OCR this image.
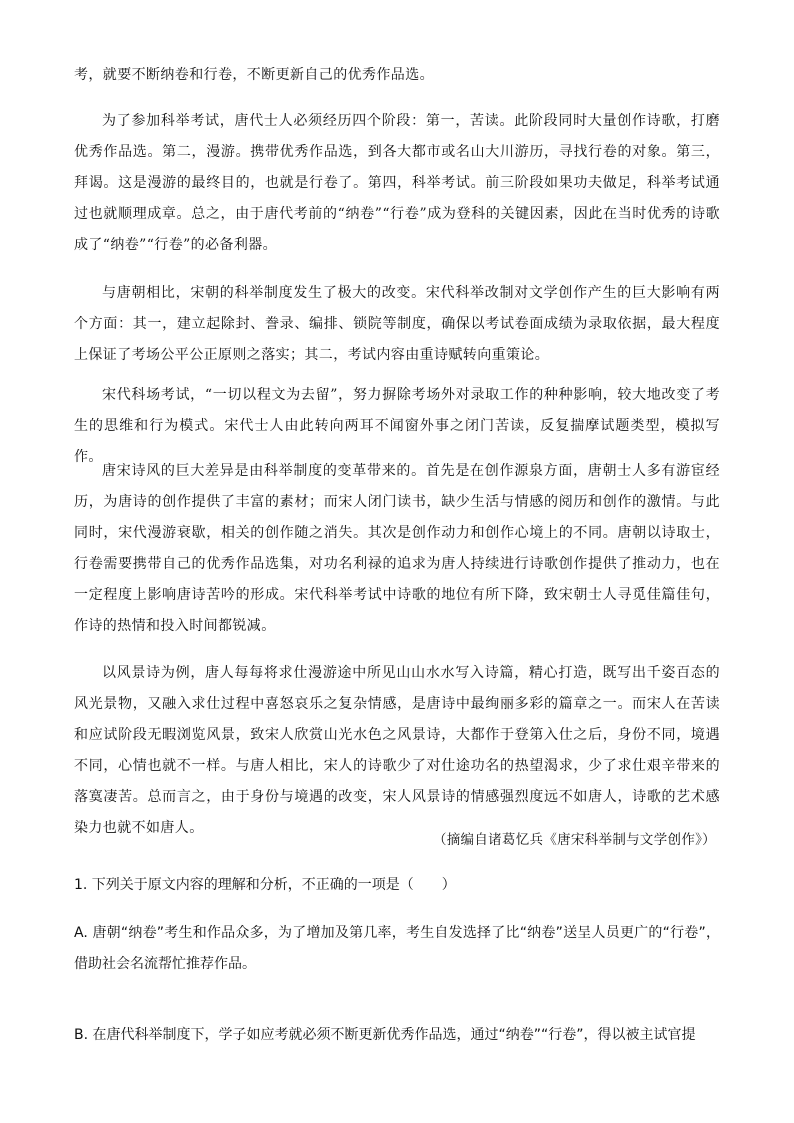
考，就要不断纳卷和行卷，不断更新自己的优秀作品选。
为了参加科举考试，唐代士人必须经历四个阶段：第一，苦读。此阶段同时大量创作诗歌，打磨优秀作品选。第二，漫游。携带优秀作品选，到各大都市或名山大川游历，寻找行卷的对象。第三，拜谒。这是漫游的最终目的，也就是行卷了。第四，科举考试。前三阶段如果功夫做足，科举考试通过也就顺理成章。总之，由于唐代考前的“纳卷”“行卷”成为登科的关键因素，因此在当时优秀的诗歌成了“纳卷”“行卷”的必备利器。
与唐朝相比，宋朝的科举制度发生了极大的改变。宋代科举改制对文学创作产生的巨大影响有两个方面：其一，建立起除封、誊录、编排、锁院等制度，确保以考试卷面成绩为录取依据，最大程度上保证了考场公平公正原则之落实；其二，考试内容由重诗赋转向重策论。
宋代科场考试，“一切以程文为去留”，努力摒除考场外对录取工作的种种影响，较大地改变了考生的思维和行为模式。宋代士人由此转向两耳不闻窗外事之闭门苦读，反复揣摩试题类型，模拟写作。
唐宋诗风的巨大差异是由科举制度的变革带来的。首先是在创作源泉方面，唐朝士人多有游宦经历，为唐诗的创作提供了丰富的素材；而宋人闭门读书，缺少生活与情感的阅历和创作的激情。与此同时，宋代漫游衰歇，相关的创作随之消失。其次是创作动力和创作心境上的不同。唐朝以诗取士，行卷需要携带自己的优秀作品选集，对功名利禄的追求为唐人持续进行诗歌创作提供了推动力，也在一定程度上影响唐诗苦吟的形成。宋代科举考试中诗歌的地位有所下降，致宋朝士人寻觅佳篇佳句，作诗的热情和投入时间都锐减。
以风景诗为例，唐人每每将求仕漫游途中所见山山水水写入诗篇，精心打造，既写出千姿百态的风光景物，又融入求仕过程中喜怒哀乐之复杂情感，是唐诗中最绚丽多彩的篇章之一。而宋人在苦读和应试阶段无暇浏览风景，致宋人欣赏山光水色之风景诗，大都作于登第入仕之后，身份不同，境遇不同，心情也就不一样。与唐人相比，宋人的诗歌少了对仕途功名的热望渴求，少了求仕艰辛带来的落寞凄苦。总而言之，由于身份与境遇的改变，宋人风景诗的情感强烈度远不如唐人，诗歌的艺术感染力也就不如唐人。
（摘编自诸葛忆兵《唐宋科举制与文学创作》）
1. 下列关于原文内容的理解和分析，不正确的一项是（　　）
A. 唐朝“纳卷”考生和作品众多，为了增加及第几率，考生自发选择了比“纳卷”送呈人员更广的“行卷”，借助社会名流帮忙推荐作品。
B. 在唐代科举制度下，学子如应考就必须不断更新优秀作品选，通过“纳卷”“行卷”，得以被主试官提
